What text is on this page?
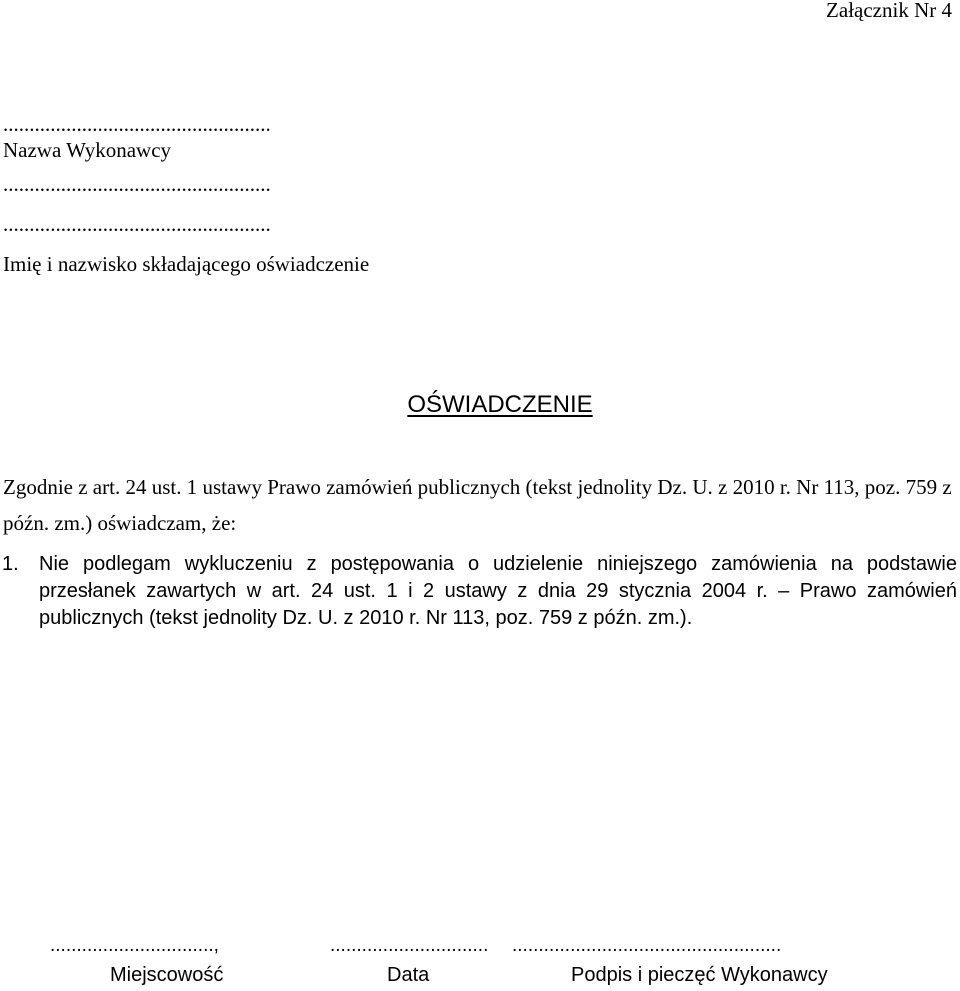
Załącznik Nr 4
...................................................
Nazwa Wykonawcy
...................................................
...................................................
Imię i nazwisko składającego oświadczenie
OŚWIADCZENIE
Zgodnie z art. 24 ust. 1 ustawy Prawo zamówień publicznych (tekst jednolity Dz. U. z 2010 r. Nr 113, poz. 759 z późn. zm.) oświadczam, że:
1. Nie podlegam wykluczeniu z postępowania o udzielenie niniejszego zamówienia na podstawie przesłanek zawartych w art. 24 ust. 1 i 2 ustawy z dnia 29 stycznia 2004 r. – Prawo zamówień publicznych (tekst jednolity Dz. U. z 2010 r. Nr 113, poz. 759 z późn. zm.).
...............................,	.............................. ...................................................
Miejscowość	Data	Podpis i pieczęć Wykonawcy
